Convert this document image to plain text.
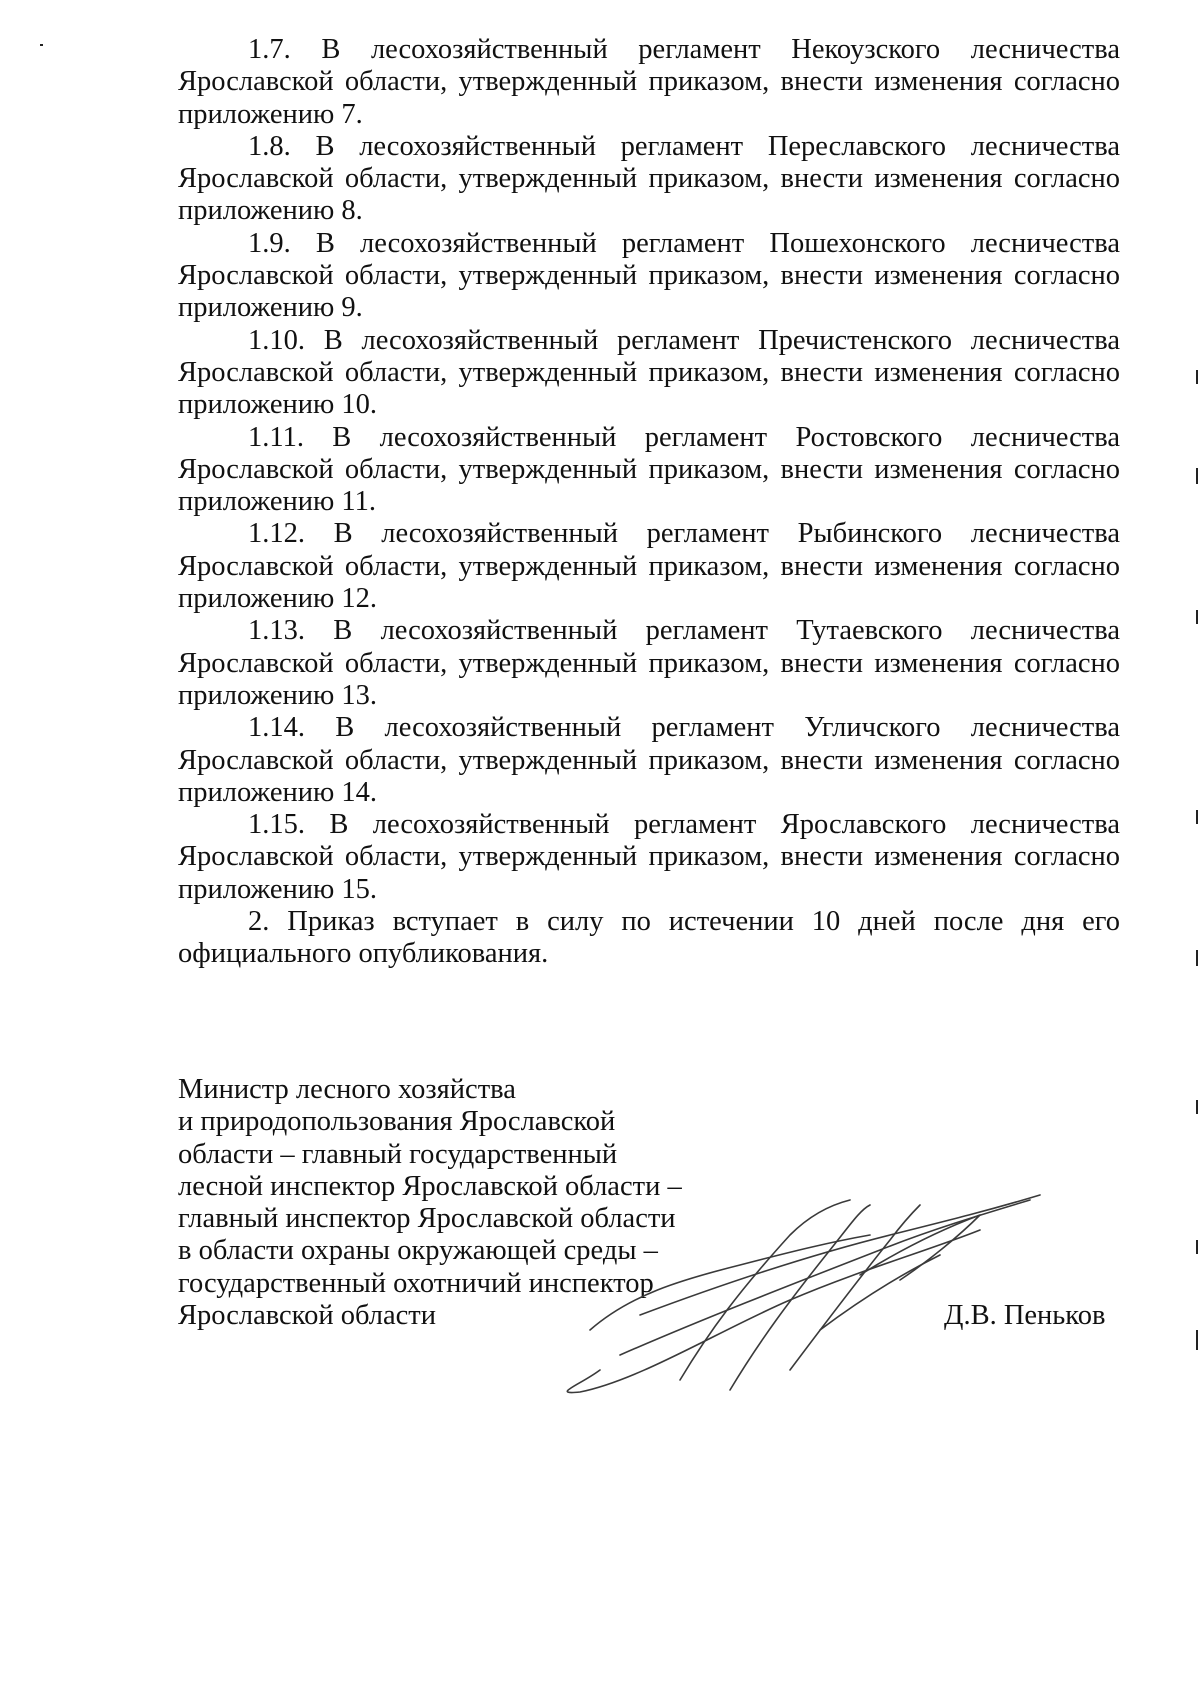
1.7. В лесохозяйственный регламент Некоузского лесничества Ярославской области, утвержденный приказом, внести изменения согласно приложению 7.

1.8. В лесохозяйственный регламент Переславского лесничества Ярославской области, утвержденный приказом, внести изменения согласно приложению 8.

1.9. В лесохозяйственный регламент Пошехонского лесничества Ярославской области, утвержденный приказом, внести изменения согласно приложению 9.

1.10. В лесохозяйственный регламент Пречистенского лесничества Ярославской области, утвержденный приказом, внести изменения согласно приложению 10.

1.11. В лесохозяйственный регламент Ростовского лесничества Ярославской области, утвержденный приказом, внести изменения согласно приложению 11.

1.12. В лесохозяйственный регламент Рыбинского лесничества Ярославской области, утвержденный приказом, внести изменения согласно приложению 12.

1.13. В лесохозяйственный регламент Тутаевского лесничества Ярославской области, утвержденный приказом, внести изменения согласно приложению 13.

1.14. В лесохозяйственный регламент Угличского лесничества Ярославской области, утвержденный приказом, внести изменения согласно приложению 14.

1.15. В лесохозяйственный регламент Ярославского лесничества Ярославской области, утвержденный приказом, внести изменения согласно приложению 15.

2. Приказ вступает в силу по истечении 10 дней после дня его официального опубликования.

Министр лесного хозяйства
и природопользования Ярославской
области – главный государственный
лесной инспектор Ярославской области –
главный инспектор Ярославской области
в области охраны окружающей среды –
государственный охотничий инспектор
Ярославской области	Д.В. Пеньков
